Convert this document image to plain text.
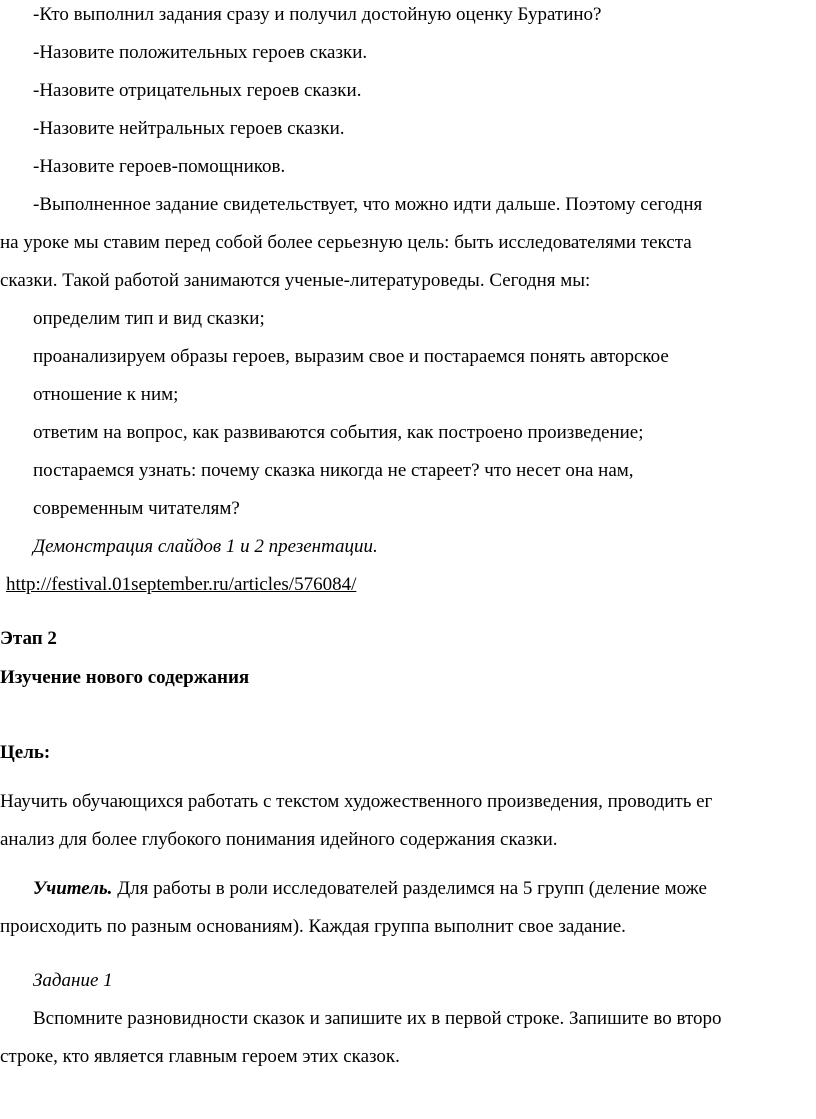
-Кто выполнил задания сразу и получил достойную оценку Буратино?
-Назовите положительных героев сказки.
-Назовите отрицательных героев сказки.
-Назовите нейтральных героев сказки.
-Назовите героев-помощников.
-Выполненное задание свидетельствует, что можно идти дальше. Поэтому сегодня
на уроке мы ставим перед собой более серьезную цель: быть исследователями текста
сказки. Такой работой занимаются ученые-литературоведы. Сегодня мы:
определим тип и вид сказки;
проанализируем образы героев, выразим свое и постараемся понять авторское
отношение к ним;
ответим на вопрос, как развиваются события, как построено произведение;
постараемся узнать: почему сказка никогда не стареет? что несет она нам,
современным читателям?
Демонстрация слайдов 1 и 2 презентации.
http://festival.01september.ru/articles/576084/
Этап 2
Изучение нового содержания
Цель:
Научить обучающихся работать с текстом художественного произведения, проводить ег
анализ для более глубокого понимания идейного содержания сказки.
Учитель. Для работы в роли исследователей разделимся на 5 групп (деление може
происходить по разным основаниям). Каждая группа выполнит свое задание.
Задание 1
Вспомните разновидности сказок и запишите их в первой строке. Запишите во второ
строке, кто является главным героем этих сказок.
